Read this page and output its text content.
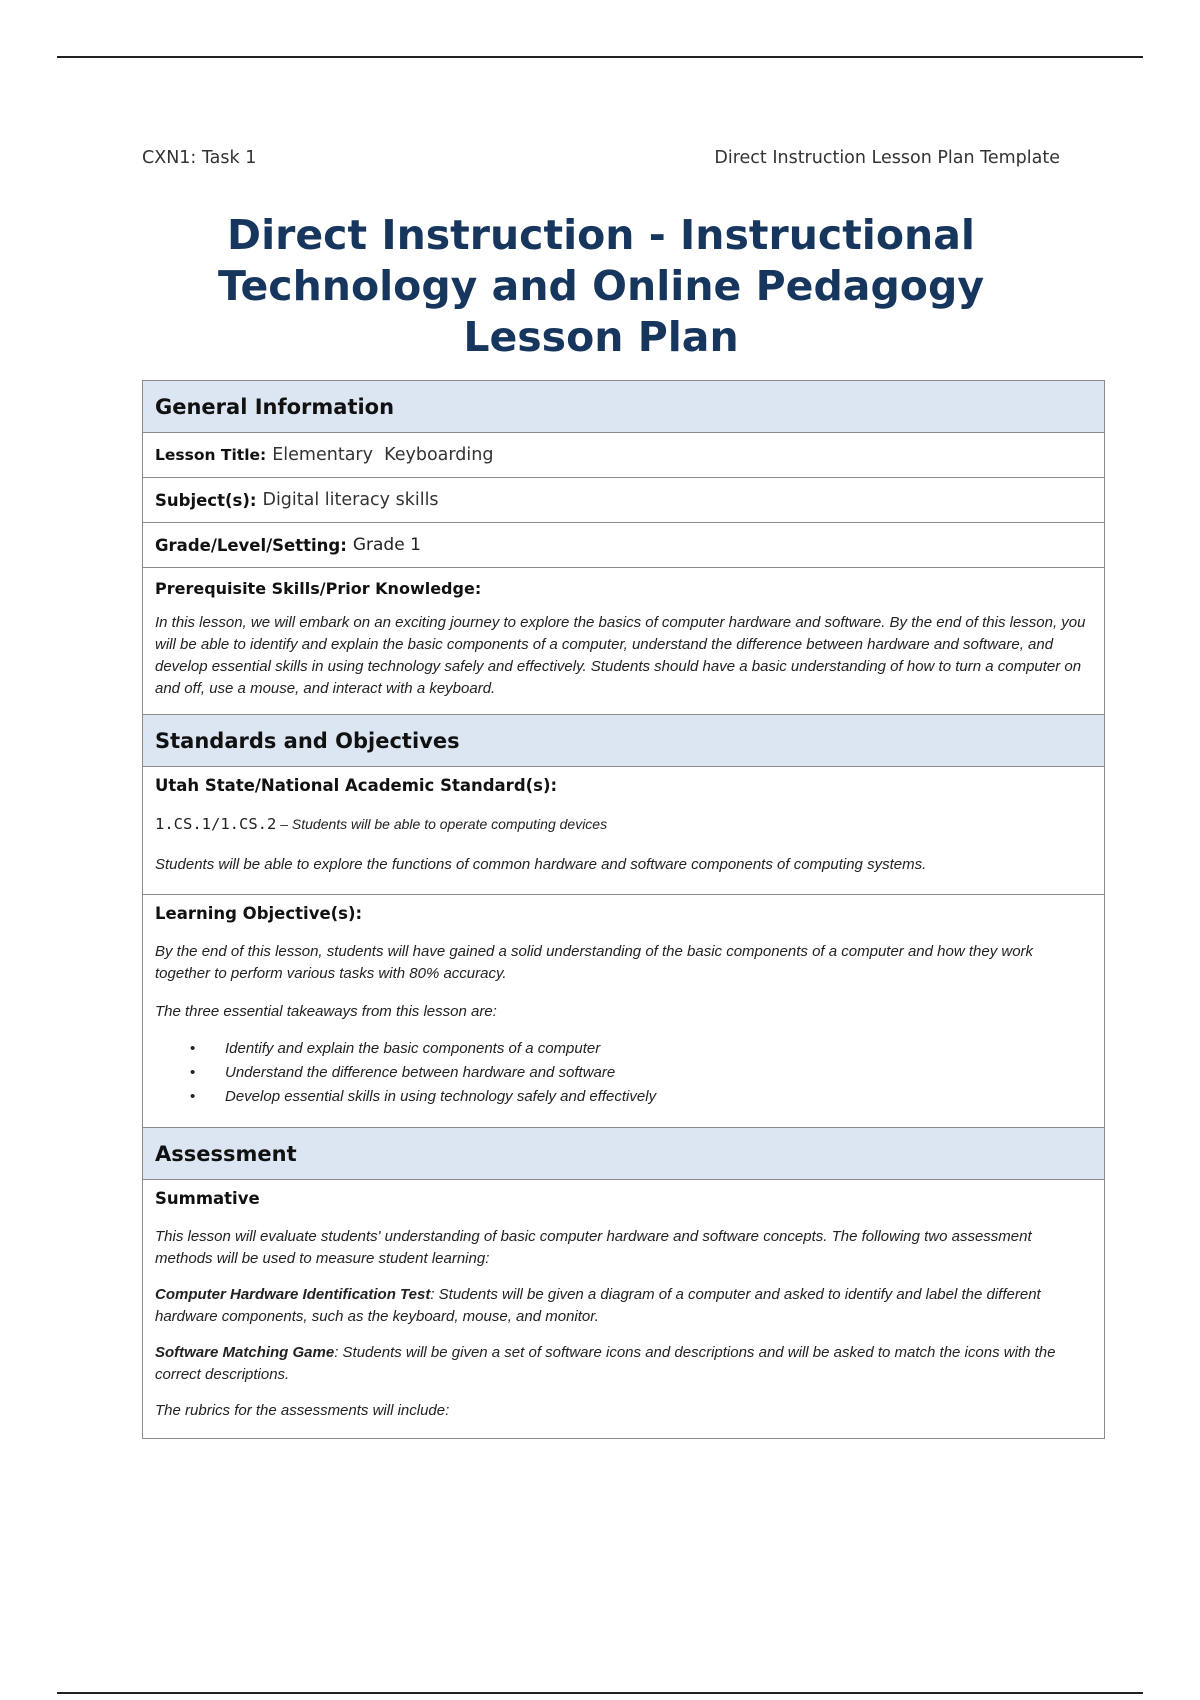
CXN1: Task 1	Direct Instruction Lesson Plan Template
Direct Instruction - Instructional
Technology and Online Pedagogy
Lesson Plan
General Information
Lesson Title: Elementary  Keyboarding
Subject(s): Digital literacy skills
Grade/Level/Setting: Grade 1
Prerequisite Skills/Prior Knowledge:

In this lesson, we will embark on an exciting journey to explore the basics of computer hardware and software. By the end of this lesson, you will be able to identify and explain the basic components of a computer, understand the difference between hardware and software, and develop essential skills in using technology safely and effectively. Students should have a basic understanding of how to turn a computer on and off, use a mouse, and interact with a keyboard.

Standards and Objectives
Utah State/National Academic Standard(s):

1.CS.1/1.CS.2 – Students will be able to operate computing devices

Students will be able to explore the functions of common hardware and software components of computing systems.

Learning Objective(s):

By the end of this lesson, students will have gained a solid understanding of the basic components of a computer and how they work together to perform various tasks with 80% accuracy.

The three essential takeaways from this lesson are:

• Identify and explain the basic components of a computer
• Understand the difference between hardware and software
• Develop essential skills in using technology safely and effectively
Assessment
Summative

This lesson will evaluate students' understanding of basic computer hardware and software concepts. The following two assessment methods will be used to measure student learning:

Computer Hardware Identification Test: Students will be given a diagram of a computer and asked to identify and label the different hardware components, such as the keyboard, mouse, and monitor.

Software Matching Game: Students will be given a set of software icons and descriptions and will be asked to match the icons with the correct descriptions.

The rubrics for the assessments will include:
